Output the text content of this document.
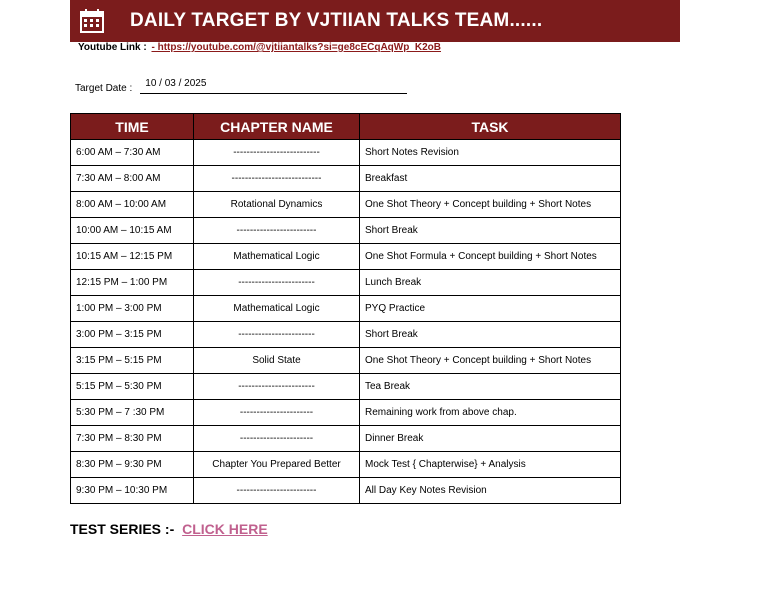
DAILY TARGET BY VJTIIAN TALKS TEAM......
Youtube Link : - https://youtube.com/@vjtiiantalks?si=ge8cECqAqWp_K2oB
Target Date :	10 / 03 / 2025
TIME	CHAPTER NAME	TASK
6:00 AM – 7:30 AM	--------------------------	Short Notes Revision
7:30 AM – 8:00 AM	---------------------------	Breakfast
8:00 AM – 10:00 AM	Rotational Dynamics	One Shot Theory + Concept building + Short Notes
10:00 AM – 10:15 AM	------------------------	Short Break
10:15 AM – 12:15 PM	Mathematical Logic	One Shot Formula + Concept building + Short Notes
12:15 PM – 1:00 PM	-----------------------	Lunch Break
1:00 PM – 3:00 PM	Mathematical Logic	PYQ Practice
3:00 PM – 3:15 PM	-----------------------	Short Break
3:15 PM – 5:15 PM	Solid State	One Shot Theory + Concept building + Short Notes
5:15 PM – 5:30 PM	-----------------------	Tea Break
5:30 PM – 7 :30 PM	----------------------	Remaining work from above chap.
7:30 PM – 8:30 PM	----------------------	Dinner Break
8:30 PM – 9:30 PM	Chapter You Prepared Better	Mock Test { Chapterwise} + Analysis
9:30 PM – 10:30 PM	------------------------	All Day Key Notes Revision
TEST SERIES :- CLICK HERE
